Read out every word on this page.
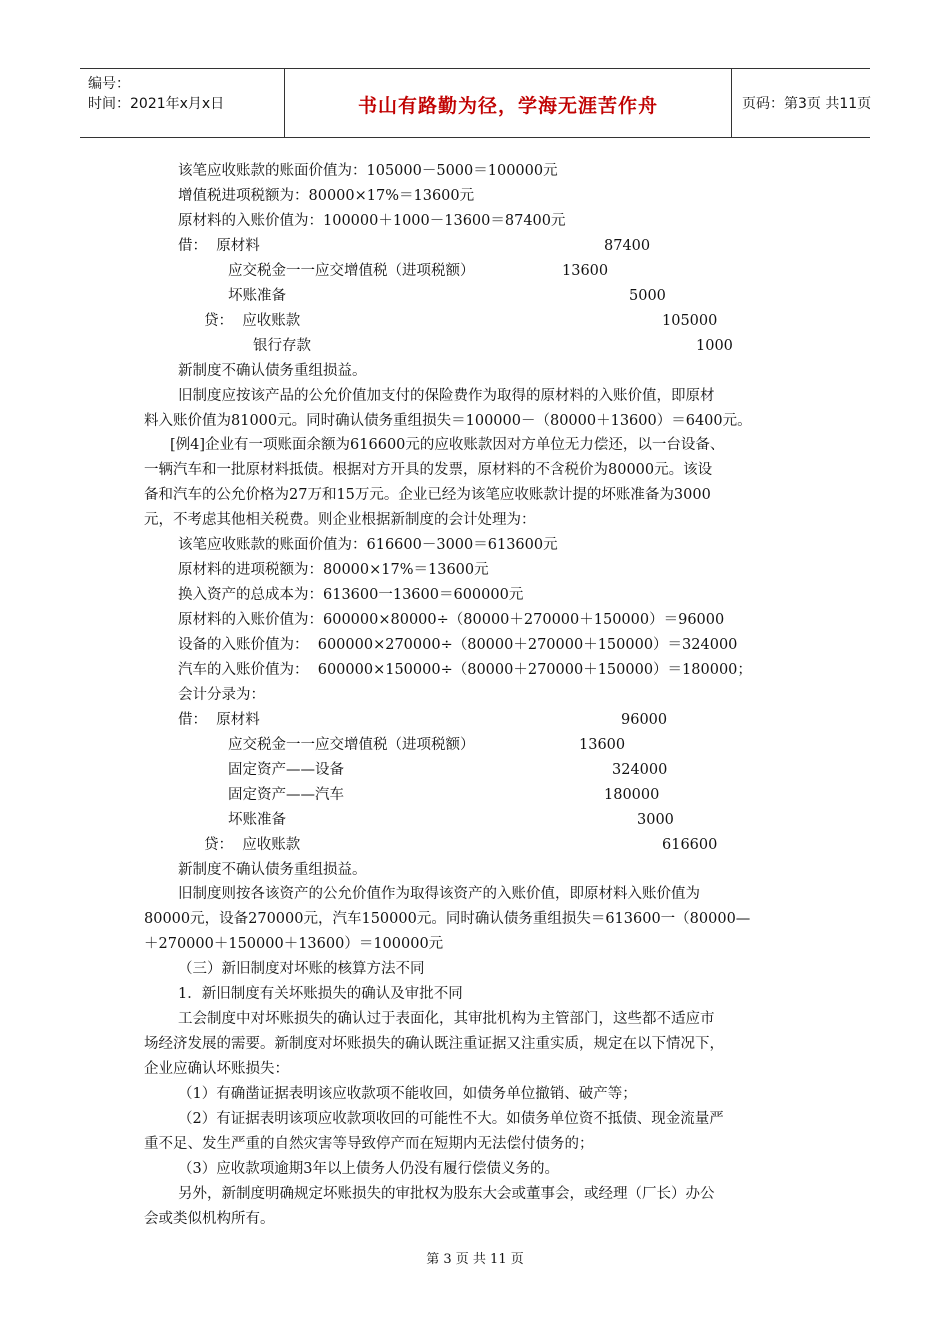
编号：
时间：2021年x月x日	书山有路勤为径，学海无涯苦作舟	页码：第3页 共11页
该笔应收账款的账面价值为：105000－5000＝100000元
增值税进项税额为：80000×17%＝13600元
原材料的入账价值为：100000＋1000－13600＝87400元
借：  原材料	87400
应交税金一一应交增值税（进项税额）	13600
坏账准备	5000
贷：  应收账款	105000
银行存款	1000
新制度不确认债务重组损益。
旧制度应按该产品的公允价值加支付的保险费作为取得的原材料的入账价值，即原材
料入账价值为81000元。同时确认债务重组损失＝100000－（80000＋13600）＝6400元。
[例4]企业有一项账面余额为616600元的应收账款因对方单位无力偿还，以一台设备、
一辆汽车和一批原材料抵债。根据对方开具的发票，原材料的不含税价为80000元。该设
备和汽车的公允价格为27万和15万元。企业已经为该笔应收账款计提的坏账准备为3000
元，不考虑其他相关税费。则企业根据新制度的会计处理为：
该笔应收账款的账面价值为：616600－3000＝613600元
原材料的进项税额为：80000×17%＝13600元
换入资产的总成本为：613600一13600＝600000元
原材料的入账价值为：600000×80000÷（80000＋270000＋150000）＝96000
设备的入账价值为：  600000×270000÷（80000＋270000＋150000）＝324000
汽车的入账价值为：  600000×150000÷（80000＋270000＋150000）＝180000；
会计分录为：
借：  原材料	96000
应交税金一一应交增值税（进项税额）	13600
固定资产——设备	324000
固定资产——汽车	180000
坏账准备	3000
贷：  应收账款	616600
新制度不确认债务重组损益。
旧制度则按各该资产的公允价值作为取得该资产的入账价值，即原材料入账价值为
80000元，设备270000元，汽车150000元。同时确认债务重组损失＝613600一（80000—
＋270000＋150000＋13600）＝100000元
（三）新旧制度对坏账的核算方法不同
1．新旧制度有关坏账损失的确认及审批不同
工会制度中对坏账损失的确认过于表面化，其审批机构为主管部门，这些都不适应市
场经济发展的需要。新制度对坏账损失的确认既注重证据又注重实质，规定在以下情况下，
企业应确认坏账损失：
（1）有确凿证据表明该应收款项不能收回，如债务单位撤销、破产等；
（2）有证据表明该项应收款项收回的可能性不大。如债务单位资不抵债、现金流量严
重不足、发生严重的自然灾害等导致停产而在短期内无法偿付债务的；
（3）应收款项逾期3年以上债务人仍没有履行偿债义务的。
另外，新制度明确规定坏账损失的审批权为股东大会或董事会，或经理（厂长）办公
会或类似机构所有。
第 3 页 共 11 页
